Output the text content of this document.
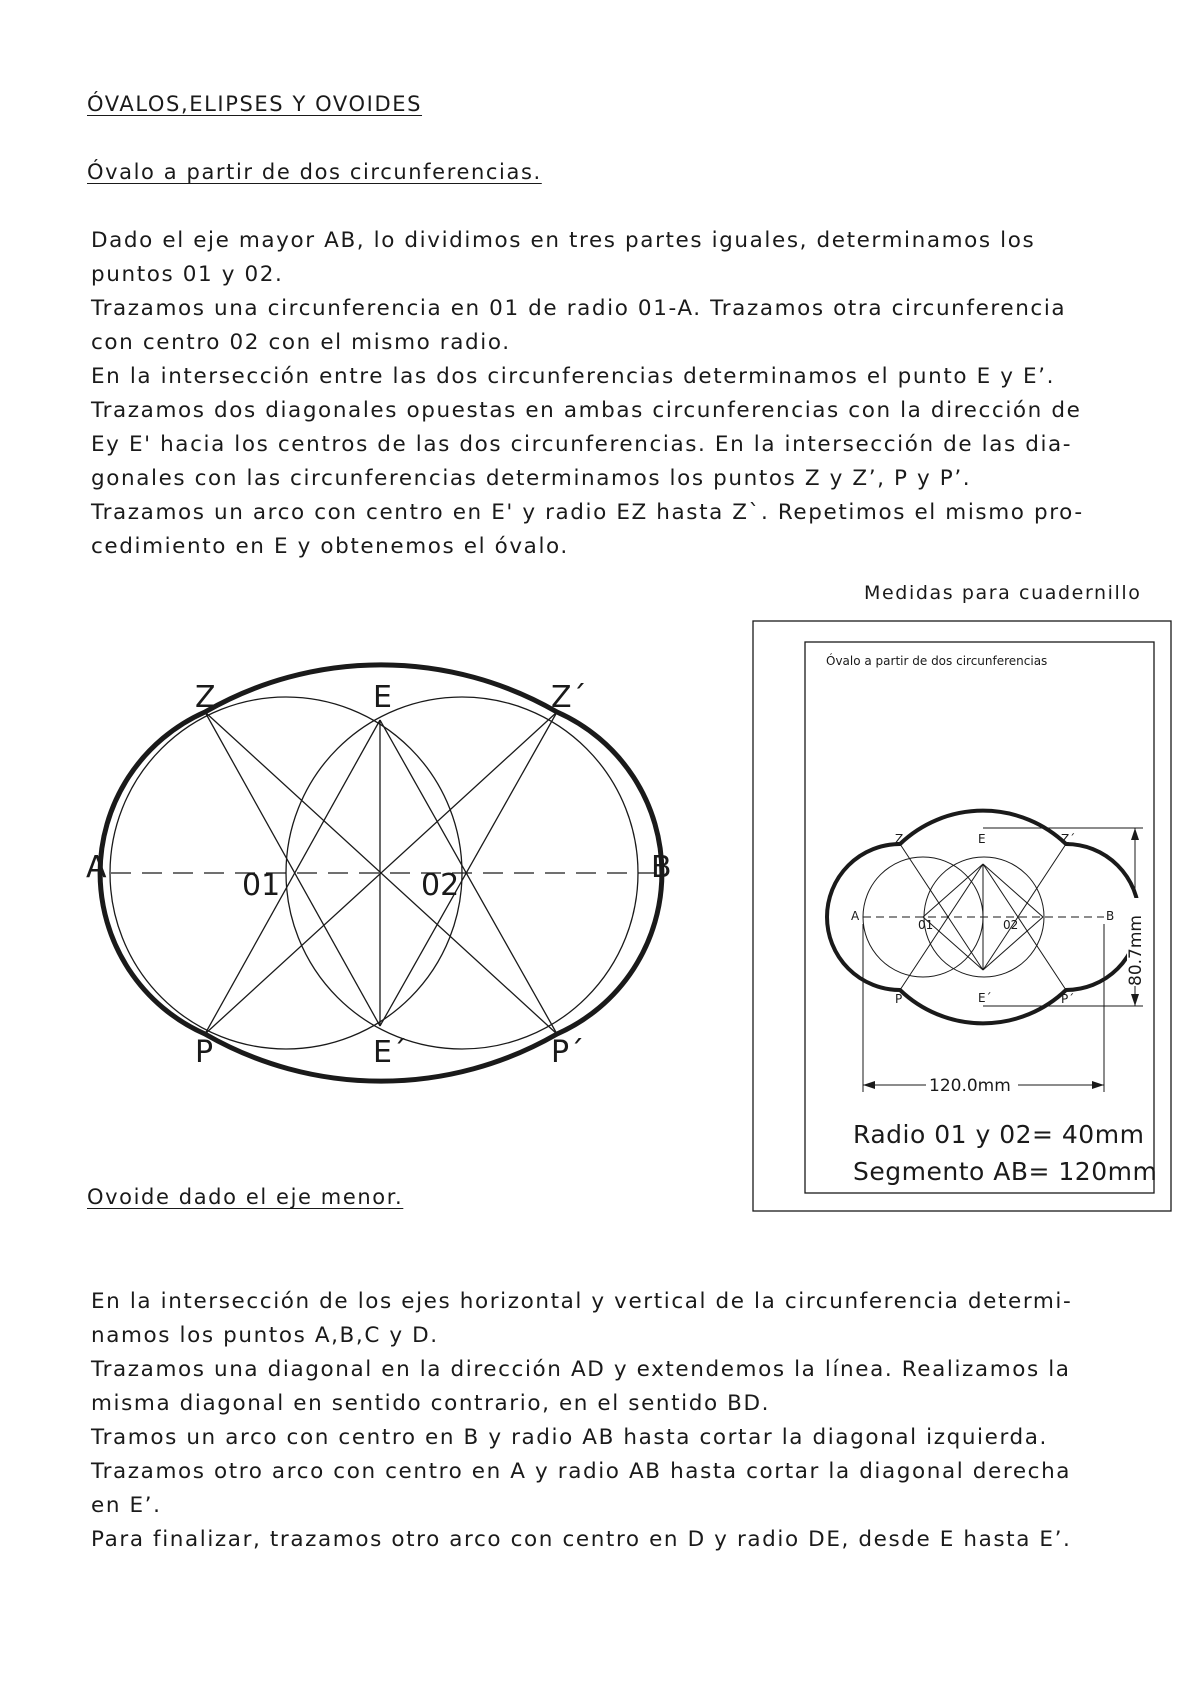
ÓVALOS,ELIPSES Y OVOIDES
Óvalo a partir de dos circunferencias.
Dado el eje mayor AB, lo dividimos en tres partes iguales, determinamos los
puntos 01 y 02.
Trazamos una circunferencia en 01 de radio 01-A. Trazamos otra circunferencia
con centro 02 con el mismo radio.
En la intersección entre las dos circunferencias determinamos el punto E y E’.
Trazamos dos diagonales opuestas en ambas circunferencias con la dirección de
Ey E' hacia los centros de las dos circunferencias. En la intersección de las dia-
gonales con las circunferencias determinamos los puntos Z y Z’, P y P’.
Trazamos un arco con centro en E' y radio EZ hasta Z`. Repetimos el mismo pro-
cedimiento en E y obtenemos el óvalo.
Medidas para cuadernillo
A	B
01	02
E
E´
Z	Z´
P	P´
Óvalo a partir de dos circunferencias
A	B
01	02
E
E´
Z	Z´
P	P´
80.7mm
120.0mm
Radio 01 y 02= 40mm
Segmento AB= 120mm
Ovoide dado el eje menor.
En la intersección de los ejes horizontal y vertical de la circunferencia determi-
namos los puntos A,B,C y D.
Trazamos una diagonal en la dirección AD y extendemos la línea. Realizamos la
misma diagonal en sentido contrario, en el sentido BD.
Tramos un arco con centro en B y radio AB hasta cortar la diagonal izquierda.
Trazamos otro arco con centro en A y radio AB hasta cortar la diagonal derecha
en E’.
Para finalizar, trazamos otro arco con centro en D y radio DE, desde E hasta E’.
